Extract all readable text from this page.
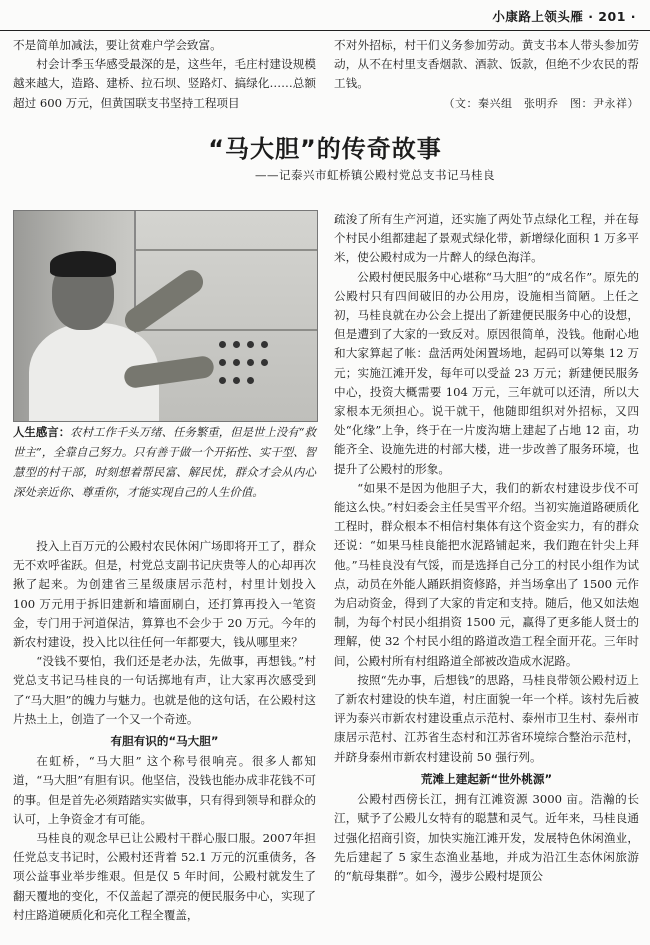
小康路上领头雁 · 201 ·

不是简单加减法，要让贫难户学会致富。

村会计季玉华感受最深的是，这些年，毛庄村建设规模越来越大，造路、建桥、拉石坝、竖路灯、搞绿化……总额超过 600 万元，但黄国联支书坚持工程项目

不对外招标，村干们义务参加劳动。黄支书本人带头参加劳动，从不在村里支香烟款、酒款、饭款，但绝不少农民的帮工钱。

（文：秦兴组　张明乔　图：尹永祥）

“马大胆”的传奇故事
——记泰兴市虹桥镇公殿村党总支书记马桂良
人生感言：农村工作千头万绪、任务繁重，但是世上没有“救世主”，全靠自己努力。只有善于做一个开拓性、实干型、智慧型的村干部，时刻想着帮民富、解民忧，群众才会从内心深处亲近你、尊重你，才能实现自己的人生价值。

投入上百万元的公殿村农民休闲广场即将开工了，群众无不欢呼雀跃。但是，村党总支副书记庆贵等人的心却再次揪了起来。为创建省三星级康居示范村，村里计划投入 100 万元用于拆旧建新和墙面刷白，还打算再投入一笔资金，专门用于河道保洁，算算也不会少于 20 万元。今年的新农村建设，投入比以往任何一年都要大，钱从哪里来？

“没钱不要怕，我们还是老办法，先做事，再想钱。”村党总支书记马桂良的一句话掷地有声，让大家再次感受到了“马大胆”的魄力与魅力。也就是他的这句话，在公殿村这片热土上，创造了一个又一个奇迹。

有胆有识的“马大胆”

在虹桥，“马大胆” 这个称号很响亮。很多人都知道，“马大胆”有胆有识。他坚信，没钱也能办成非花钱不可的事。但是首先必须踏踏实实做事，只有得到领导和群众的认可，上争资金才有可能。

马桂良的观念早已让公殿村干群心服口服。2007年担任党总支书记时，公殿村还背着 52.1 万元的沉重债务，各项公益事业举步维艰。但是仅 5 年时间，公殿村就发生了翻天覆地的变化，不仅盖起了漂亮的便民服务中心，实现了村庄路道硬质化和亮化工程全覆盖，

疏浚了所有生产河道，还实施了两处节点绿化工程，并在每个村民小组都建起了景观式绿化带，新增绿化面积 1 万多平米，使公殿村成为一片醉人的绿色海洋。

公殿村便民服务中心堪称“马大胆”的“成名作”。原先的公殿村只有四间破旧的办公用房，设施相当简陋。上任之初，马桂良就在办公会上提出了新建便民服务中心的设想，但是遭到了大家的一致反对。原因很简单，没钱。他耐心地和大家算起了帐：盘活两处闲置场地，起码可以筹集 12 万元；实施江滩开发，每年可以受益 23 万元；新建便民服务中心，投资大概需要 104 万元，三年就可以还清，所以大家根本无须担心。说干就干，他随即组织对外招标，又四处“化缘”上争，终于在一片废沟塘上建起了占地 12 亩，功能齐全、设施先进的村部大楼，进一步改善了服务环境，也提升了公殿村的形象。

“如果不是因为他胆子大，我们的新农村建设步伐不可能这么快。”村妇委会主任吴雪平介绍。当初实施道路硬质化工程时，群众根本不相信村集体有这个资金实力，有的群众还说：“如果马桂良能把水泥路铺起来，我们跑在针尖上拜他。”马桂良没有气馁，而是选择自己分工的村民小组作为试点，动员在外能人踊跃捐资修路，并当场拿出了 1500 元作为启动资金，得到了大家的肯定和支持。随后，他又如法炮制，为每个村民小组捐资 1500 元，赢得了更多能人贤士的理解，使 32 个村民小组的路道改造工程全面开花。三年时间，公殿村所有村组路道全部被改造成水泥路。

按照“先办事，后想钱”的思路，马桂良带领公殿村迈上了新农村建设的快车道，村庄面貌一年一个样。该村先后被评为泰兴市新农村建设重点示范村、泰州市卫生村、泰州市康居示范村、江苏省生态村和江苏省环境综合整治示范村，并跻身泰州市新农村建设前 50 强行列。

荒滩上建起新“世外桃源”

公殿村西傍长江，拥有江滩资源 3000 亩。浩瀚的长江，赋予了公殿儿女特有的聪慧和灵气。近年来，马桂良通过强化招商引资，加快实施江滩开发，发展特色休闲渔业，先后建起了 5 家生态渔业基地，并成为沿江生态休闲旅游的“航母集群”。如今，漫步公殿村堤顶公
